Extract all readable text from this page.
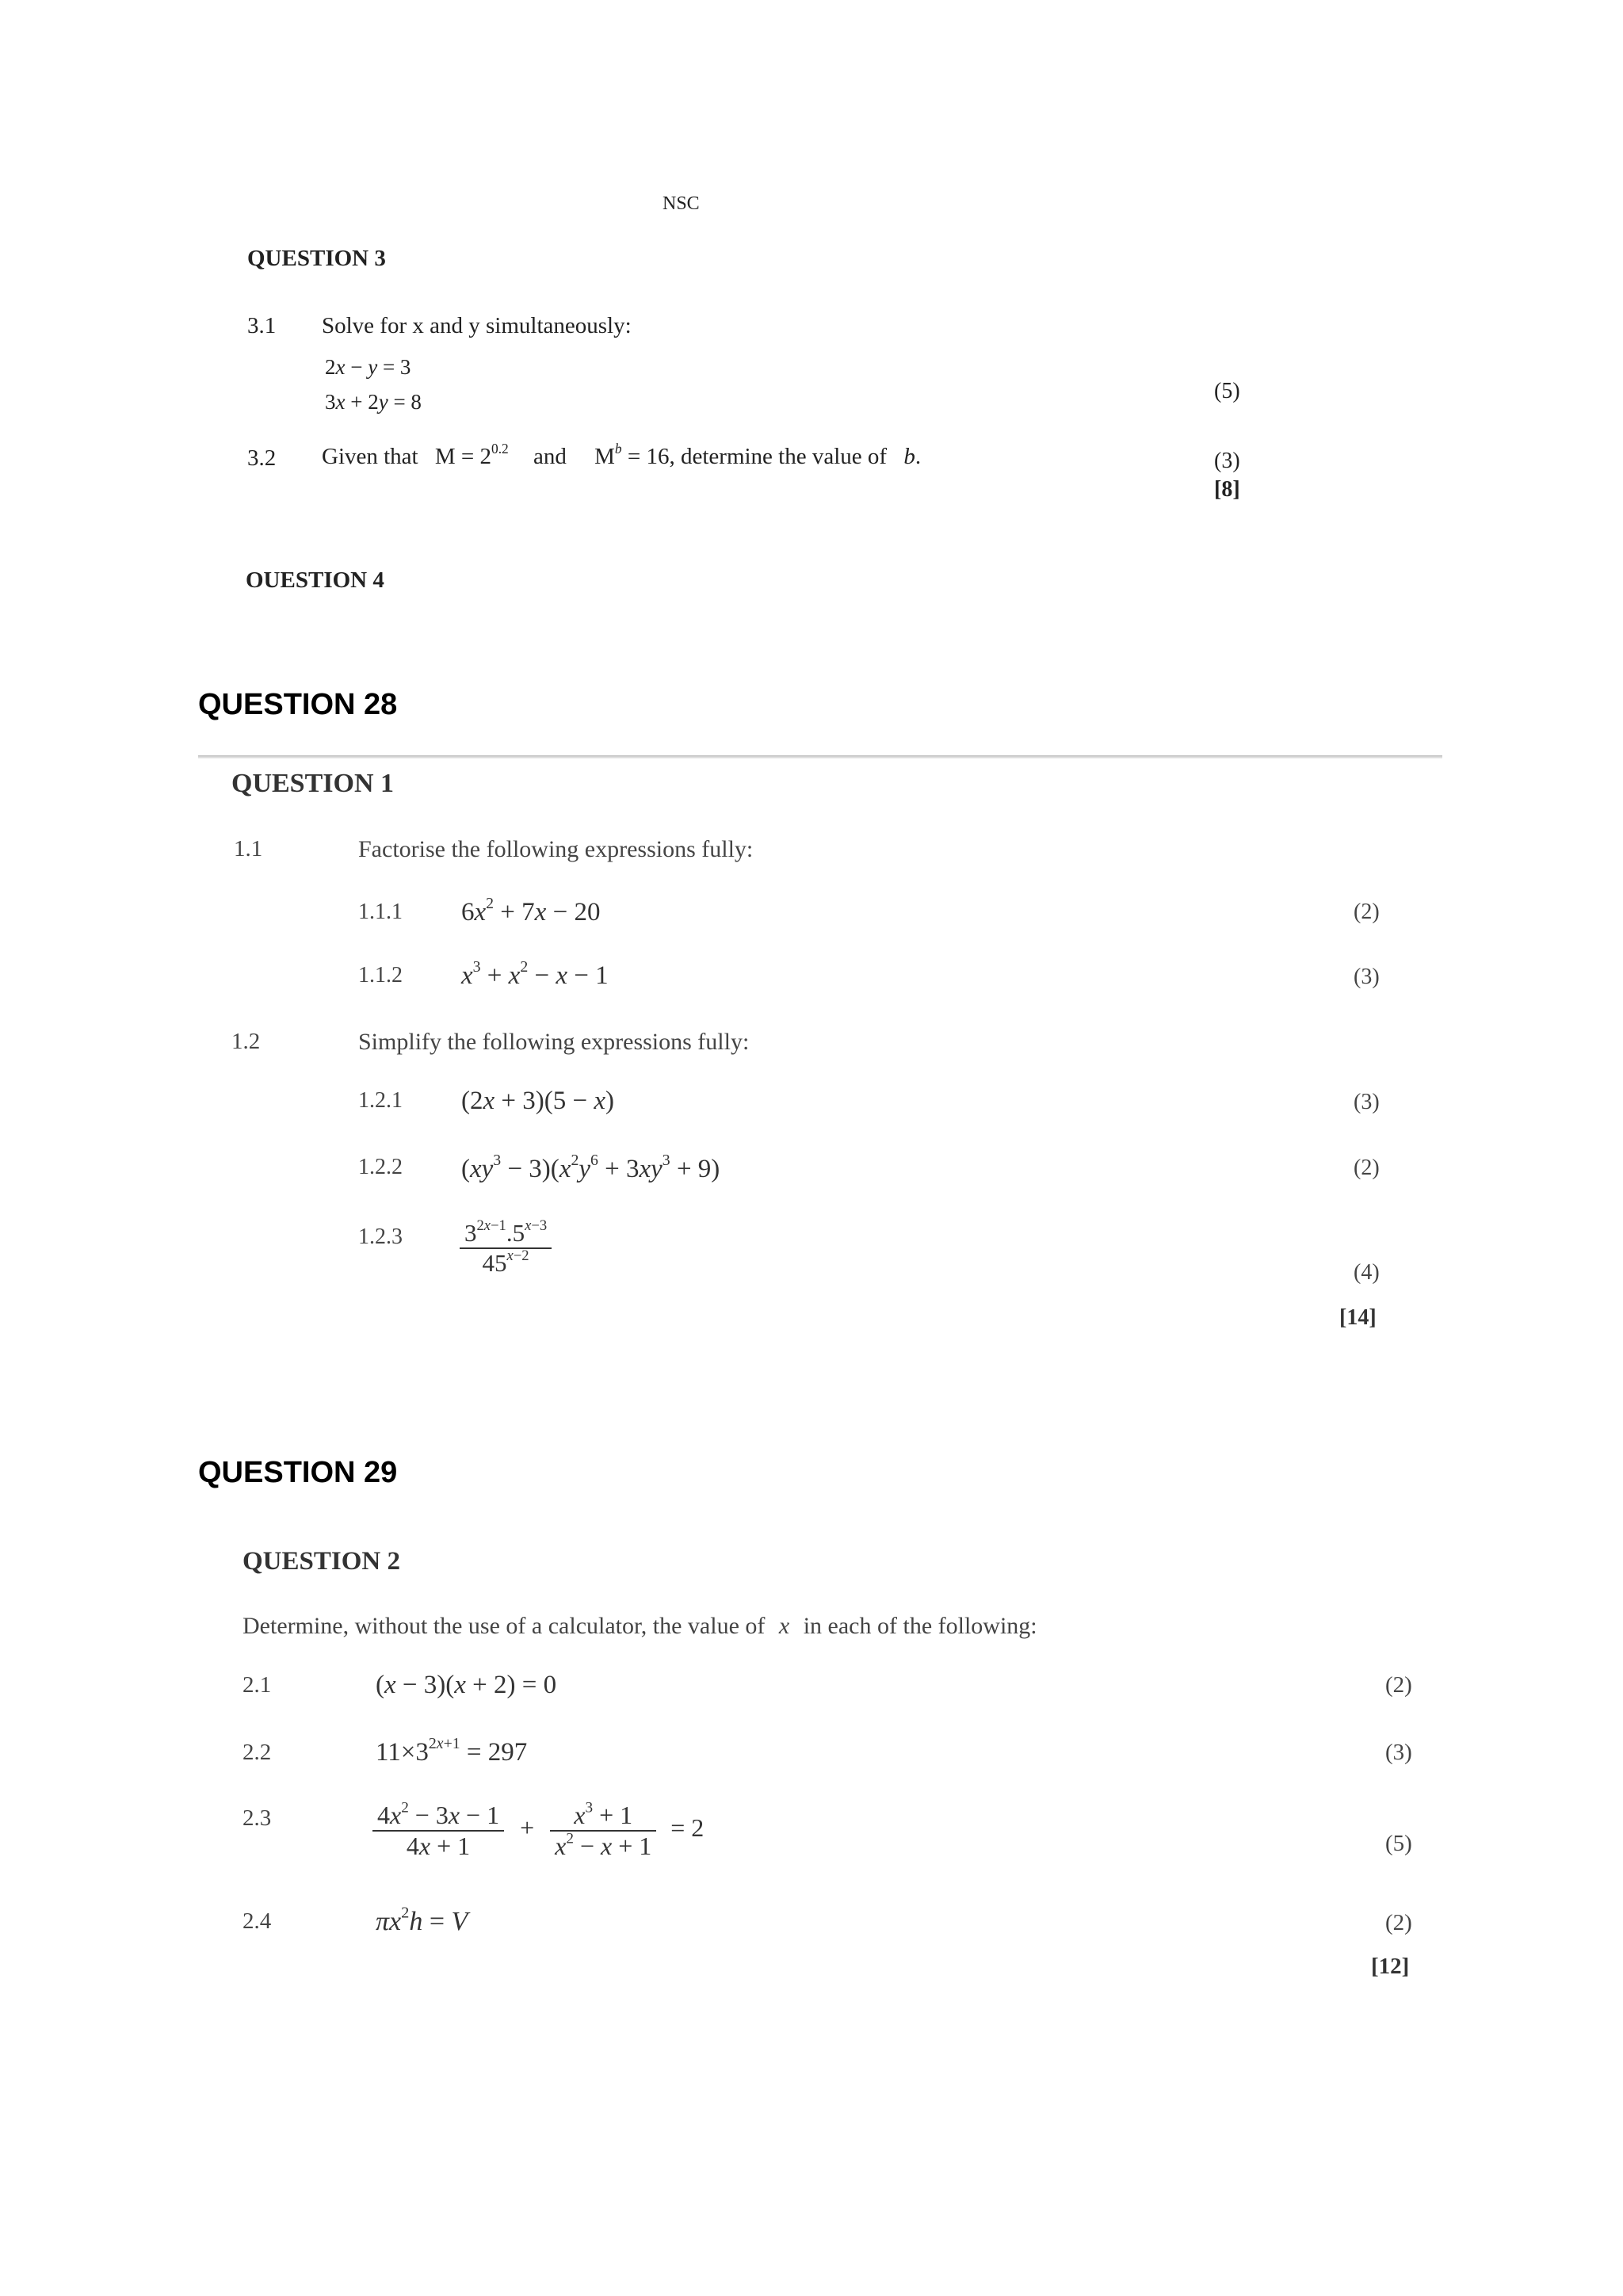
NSC
QUESTION 3
3.1 Solve for x and y simultaneously:
2x − y = 3
3x + 2y = 8	(5)
3.2 Given that $M = 2^{0.2}$ and $M^b = 16$, determine the value of b.	(3)
[8]
OUESTION 4
QUESTION 28
QUESTION 1
1.1	Factorise the following expressions fully:
1.1.1 $6x^2 + 7x - 20$	(2)
1.1.2 $x^3 + x^2 - x - 1$	(3)
1.2	Simplify the following expressions fully:
1.2.1 (2x + 3)(5 − x)	(3)
1.2.2 $(xy^3 - 3)(x^2y^6 + 3xy^3 + 9)$	(2)
$1.2.3 \frac{3^{2x-1}.5^{x-3}}{45^{x-2}}$	(4)
[14]
QUESTION 29
QUESTION 2
Determine, without the use of a calculator, the value of x in each of the following:
2.1	(x − 3)(x + 2) = 0	(2)
2.2	$11\times 3^{2x+1} = 297$	(3)
2.3	$\frac{4x^2 - 3x - 1}{4x + 1} + \frac{x^3 + 1}{x^2 - x + 1} = 2$
(5)
2.4	$\pi x^2h = V$	(2)
[12]
